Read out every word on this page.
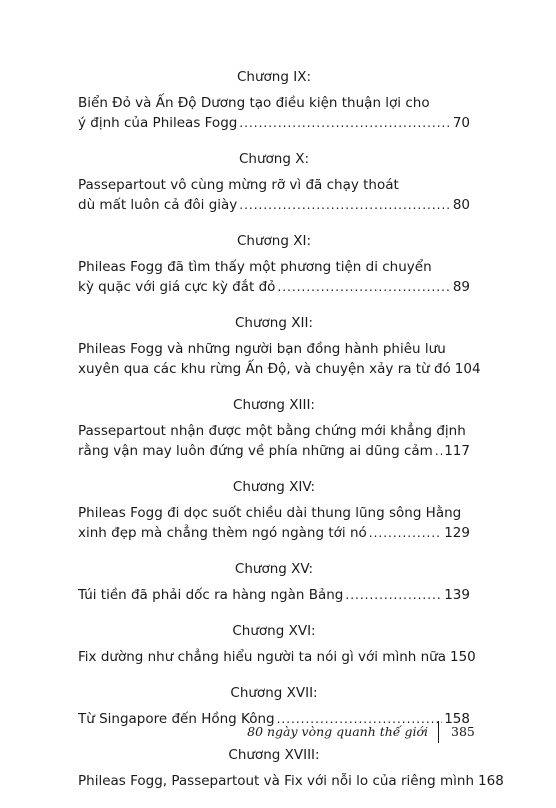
Chương IX:
Biển Đỏ và Ấn Độ Dương tạo điều kiện thuận lợi cho
ý định của Phileas Fogg .....	70
Chương X:
Passepartout vô cùng mừng rỡ vì đã chạy thoát
dù mất luôn cả đôi giày .....	80
Chương XI:
Phileas Fogg đã tìm thấy một phương tiện di chuyển
kỳ quặc với giá cực kỳ đắt đỏ .....	89
Chương XII:
Phileas Fogg và những người bạn đồng hành phiêu lưu
xuyên qua các khu rừng Ấn Độ, và chuyện xảy ra từ đó 104
Chương XIII:
Passepartout nhận được một bằng chứng mới khẳng định
rằng vận may luôn đứng về phía những ai dũng cảm ..... 117
Chương XIV:
Phileas Fogg đi dọc suốt chiều dài thung lũng sông Hằng
xinh đẹp mà chẳng thèm ngó ngàng tới nó .....	129
Chương XV:
Túi tiền đã phải dốc ra hàng ngàn Bảng .....	139
Chương XVI:
Fix dường như chẳng hiểu người ta nói gì với mình nữa 150
Chương XVII:
Từ Singapore đến Hồng Kông .....	158
Chương XVIII:
Phileas Fogg, Passepartout và Fix với nỗi lo của riêng mình 168
80 ngày vòng quanh thế giới 385
